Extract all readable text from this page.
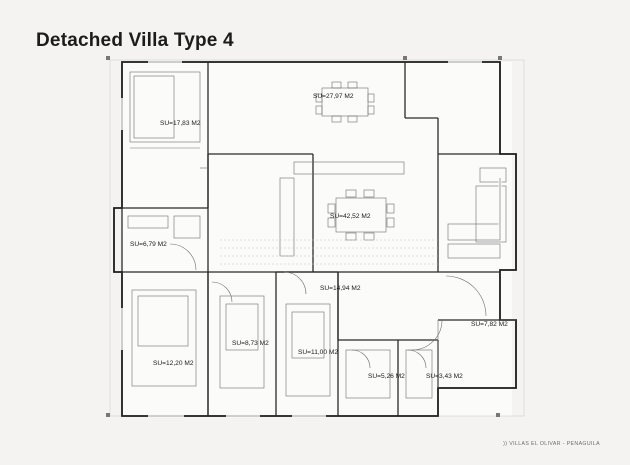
Detached Villa Type 4
SU=27,97 M2
SU=17,83 M2
SU=42,52 M2
SU=6,79 M2
SU=14,94 M2
SU=7,82 M2
SU=12,20 M2
SU=8,73 M2
SU=11,00 M2
SU=5,26 M2	SU=3,43 M2
)) VILLAS EL OLIVAR - PENAGUILA
